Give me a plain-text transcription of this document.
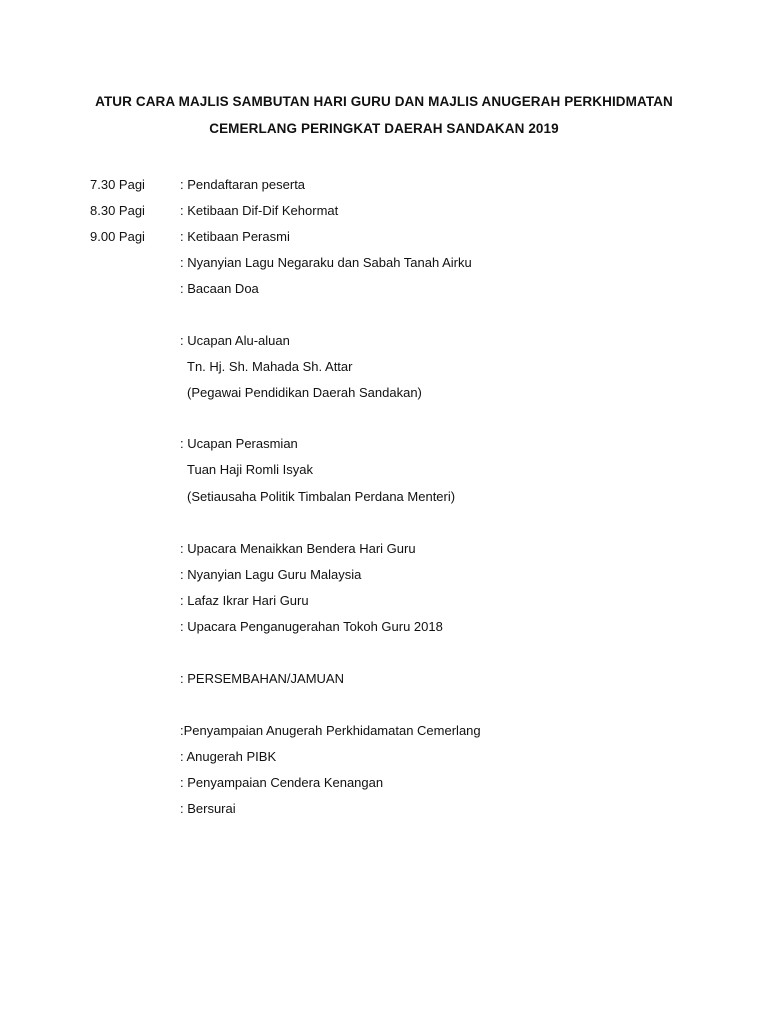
ATUR CARA MAJLIS SAMBUTAN HARI GURU DAN MAJLIS ANUGERAH PERKHIDMATAN
CEMERLANG PERINGKAT DAERAH SANDAKAN 2019
7.30 Pagi	: Pendaftaran peserta
8.30 Pagi	: Ketibaan Dif-Dif Kehormat
9.00 Pagi	: Ketibaan Perasmi
: Nyanyian Lagu Negaraku dan Sabah Tanah Airku
: Bacaan Doa
: Ucapan Alu-aluan
Tn. Hj. Sh. Mahada Sh. Attar
(Pegawai Pendidikan Daerah Sandakan)
: Ucapan Perasmian
Tuan Haji Romli Isyak
(Setiausaha Politik Timbalan Perdana Menteri)
: Upacara Menaikkan Bendera Hari Guru
: Nyanyian Lagu Guru Malaysia
: Lafaz Ikrar Hari Guru
: Upacara Penganugerahan Tokoh Guru 2018
: PERSEMBAHAN/JAMUAN
:Penyampaian Anugerah Perkhidamatan Cemerlang
: Anugerah PIBK
: Penyampaian Cendera Kenangan
: Bersurai
